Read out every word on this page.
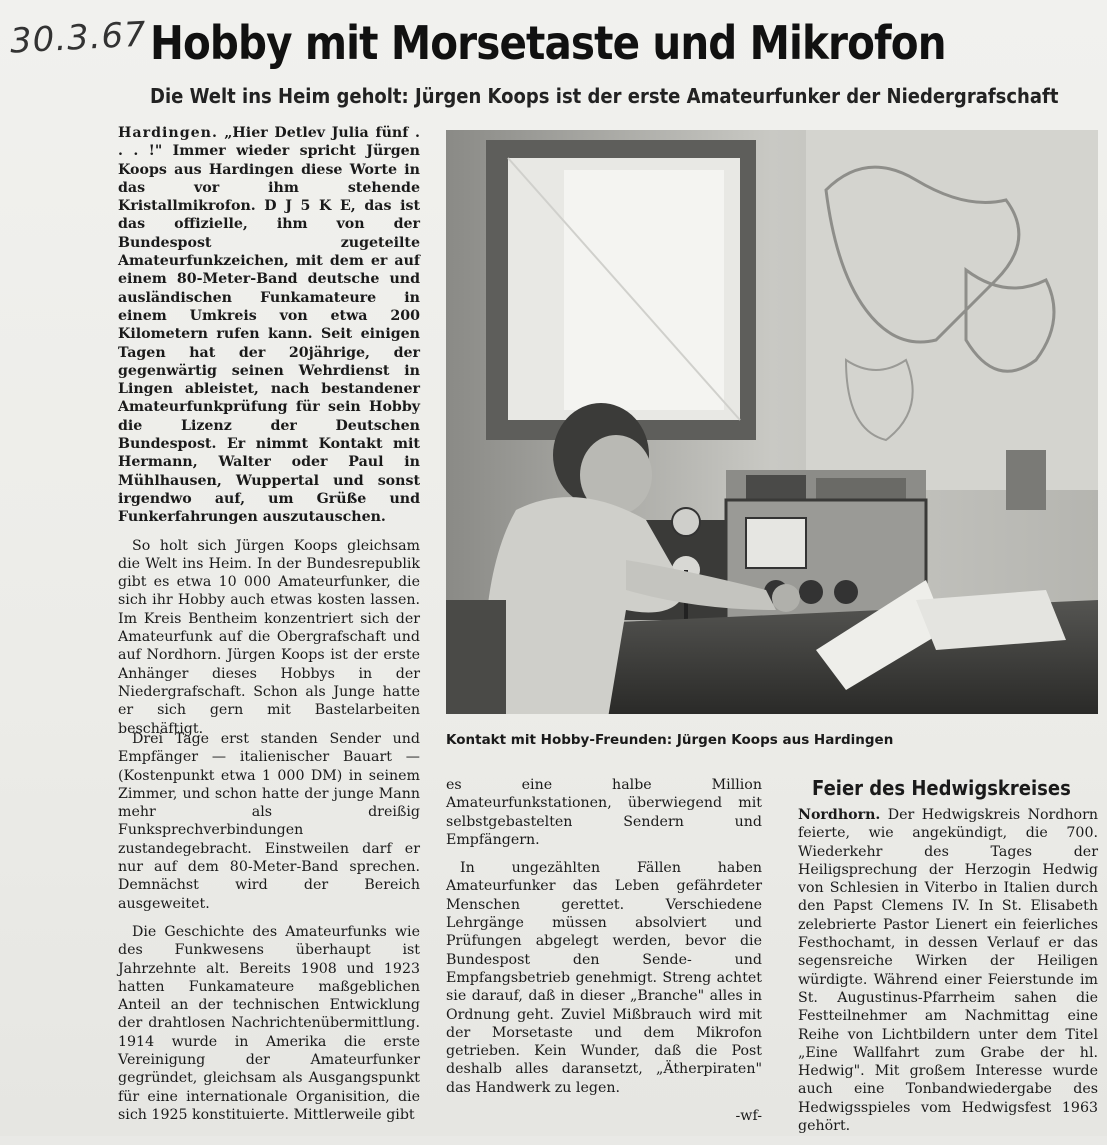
30.3.67 Hobby mit Morsetaste und Mikrofon
Die Welt ins Heim geholt: Jürgen Koops ist der erste Amateurfunker der Niedergrafschaft

Hardingen. „Hier Detlev Julia fünf . . . !" Immer wieder spricht Jürgen Koops aus Hardingen diese Worte in das vor ihm stehende Kristallmikrofon. D J 5 K E, das ist das offizielle, ihm von der Bundespost zugeteilte Amateurfunkzeichen, mit dem er auf einem 80-Meter-Band deutsche und ausländischen Funkamateure in einem Umkreis von etwa 200 Kilometern rufen kann. Seit einigen Tagen hat der 20jährige, der gegenwärtig seinen Wehrdienst in Lingen ableistet, nach bestandener Amateurfunkprüfung für sein Hobby die Lizenz der Deutschen Bundespost. Er nimmt Kontakt mit Hermann, Walter oder Paul in Mühlhausen, Wuppertal und sonst irgendwo auf, um Grüße und Funkerfahrungen auszutauschen.

So holt sich Jürgen Koops gleichsam die Welt ins Heim. In der Bundesrepublik gibt es etwa 10 000 Amateurfunker, die sich ihr Hobby auch etwas kosten lassen. Im Kreis Bentheim konzentriert sich der Amateurfunk auf die Obergrafschaft und auf Nordhorn. Jürgen Koops ist der erste Anhänger dieses Hobbys in der Niedergrafschaft. Schon als Junge hatte er sich gern mit Bastelarbeiten beschäftigt.

Drei Tage erst standen Sender und Empfänger — italienischer Bauart — (Kostenpunkt etwa 1 000 DM) in seinem Zimmer, und schon hatte der junge Mann mehr als dreißig Funksprechverbindungen zustandegebracht. Einstweilen darf er nur auf dem 80-Meter-Band sprechen. Demnächst wird der Bereich ausgeweitet.

Die Geschichte des Amateurfunks wie des Funkwesens überhaupt ist Jahrzehnte alt. Bereits 1908 und 1923 hatten Funkamateure maßgeblichen Anteil an der technischen Entwicklung der drahtlosen Nachrichtenübermittlung. 1914 wurde in Amerika die erste Vereinigung der Amateurfunker gegründet, gleichsam als Ausgangspunkt für eine internationale Organisition, die sich 1925 konstituierte. Mittlerweile gibt

Kontakt mit Hobby-Freunden: Jürgen Koops aus Hardingen

es eine halbe Million Amateurfunkstationen, überwiegend mit selbstgebastelten Sendern und Empfängern.

In ungezählten Fällen haben Amateurfunker das Leben gefährdeter Menschen gerettet. Verschiedene Lehrgänge müssen absolviert und Prüfungen abgelegt werden, bevor die Bundespost den Sende- und Empfangsbetrieb genehmigt. Streng achtet sie darauf, daß in dieser „Branche" alles in Ordnung geht. Zuviel Mißbrauch wird mit der Morsetaste und dem Mikrofon getrieben. Kein Wunder, daß die Post deshalb alles daransetzt, „Ätherpiraten" das Handwerk zu legen.

-wf-
Feier des Hedwigskreises

Nordhorn. Der Hedwigskreis Nordhorn feierte, wie angekündigt, die 700. Wiederkehr des Tages der Heiligsprechung der Herzogin Hedwig von Schlesien in Viterbo in Italien durch den Papst Clemens IV. In St. Elisabeth zelebrierte Pastor Lienert ein feierliches Festhochamt, in dessen Verlauf er das segensreiche Wirken der Heiligen würdigte. Während einer Feierstunde im St. Augustinus-Pfarrheim sahen die Festteilnehmer am Nachmittag eine Reihe von Lichtbildern unter dem Titel „Eine Wallfahrt zum Grabe der hl. Hedwig". Mit großem Interesse wurde auch eine Tonbandwiedergabe des Hedwigsspieles vom Hedwigsfest 1963 gehört.
